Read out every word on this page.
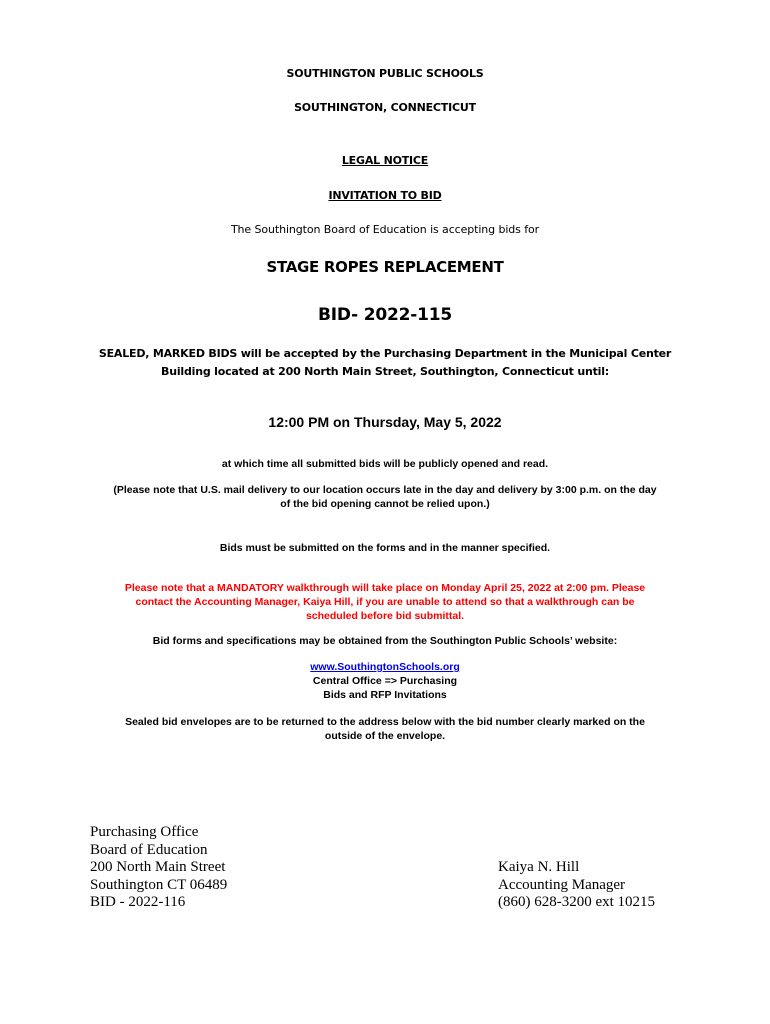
SOUTHINGTON PUBLIC SCHOOLS
SOUTHINGTON, CONNECTICUT
LEGAL NOTICE
INVITATION TO BID
The Southington Board of Education is accepting bids for
STAGE ROPES REPLACEMENT
BID- 2022-115
SEALED, MARKED BIDS will be accepted by the Purchasing Department in the Municipal Center
Building located at 200 North Main Street, Southington, Connecticut until:
12:00 PM on Thursday, May 5, 2022
at which time all submitted bids will be publicly opened and read.
(Please note that U.S. mail delivery to our location occurs late in the day and delivery by 3:00 p.m. on the day
of the bid opening cannot be relied upon.)
Bids must be submitted on the forms and in the manner specified.
Please note that a MANDATORY walkthrough will take place on Monday April 25, 2022 at 2:00 pm. Please
contact the Accounting Manager, Kaiya Hill, if you are unable to attend so that a walkthrough can be
scheduled before bid submittal.
Bid forms and specifications may be obtained from the Southington Public Schools’ website:
www.SouthingtonSchools.org
Central Office => Purchasing
Bids and RFP Invitations
Sealed bid envelopes are to be returned to the address below with the bid number clearly marked on the
outside of the envelope.
Purchasing Office
Board of Education
200 North Main Street
Southington CT 06489
BID - 2022-116
Kaiya N. Hill
Accounting Manager
(860) 628-3200 ext 10215
